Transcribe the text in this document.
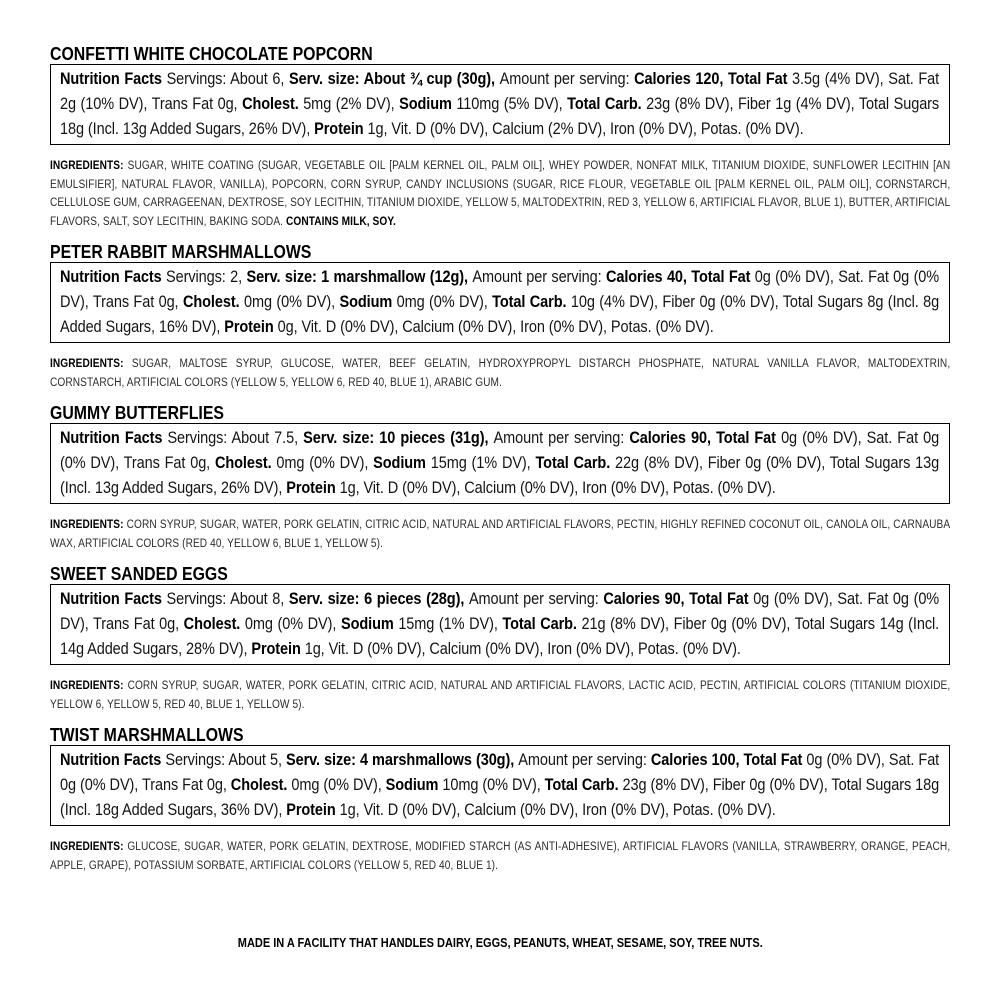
CONFETTI WHITE CHOCOLATE POPCORN

Nutrition Facts Servings: About 6, Serv. size: About ¾ cup (30g), Amount per serving: Calories 120, Total Fat 3.5g (4% DV), Sat. Fat 2g (10% DV), Trans Fat 0g, Cholest. 5mg (2% DV), Sodium 110mg (5% DV), Total Carb. 23g (8% DV), Fiber 1g (4% DV), Total Sugars 18g (Incl. 13g Added Sugars, 26% DV), Protein 1g, Vit. D (0% DV), Calcium (2% DV), Iron (0% DV), Potas. (0% DV).

INGREDIENTS: SUGAR, WHITE COATING (SUGAR, VEGETABLE OIL [PALM KERNEL OIL, PALM OIL], WHEY POWDER, NONFAT MILK, TITANIUM DIOXIDE, SUNFLOWER LECITHIN [AN EMULSIFIER], NATURAL FLAVOR, VANILLA), POPCORN, CORN SYRUP, CANDY INCLUSIONS (SUGAR, RICE FLOUR, VEGETABLE OIL [PALM KERNEL OIL, PALM OIL], CORNSTARCH, CELLULOSE GUM, CARRAGEENAN, DEXTROSE, SOY LECITHIN, TITANIUM DIOXIDE, YELLOW 5, MALTODEXTRIN, RED 3, YELLOW 6, ARTIFICIAL FLAVOR, BLUE 1), BUTTER, ARTIFICIAL FLAVORS, SALT, SOY LECITHIN, BAKING SODA. CONTAINS MILK, SOY.

PETER RABBIT MARSHMALLOWS

Nutrition Facts Servings: 2, Serv. size: 1 marshmallow (12g), Amount per serving: Calories 40, Total Fat 0g (0% DV), Sat. Fat 0g (0% DV), Trans Fat 0g, Cholest. 0mg (0% DV), Sodium 0mg (0% DV), Total Carb. 10g (4% DV), Fiber 0g (0% DV), Total Sugars 8g (Incl. 8g Added Sugars, 16% DV), Protein 0g, Vit. D (0% DV), Calcium (0% DV), Iron (0% DV), Potas. (0% DV).

INGREDIENTS: SUGAR, MALTOSE SYRUP, GLUCOSE, WATER, BEEF GELATIN, HYDROXYPROPYL DISTARCH PHOSPHATE, NATURAL VANILLA FLAVOR, MALTODEXTRIN, CORNSTARCH, ARTIFICIAL COLORS (YELLOW 5, YELLOW 6, RED 40, BLUE 1), ARABIC GUM.

GUMMY BUTTERFLIES

Nutrition Facts Servings: About 7.5, Serv. size: 10 pieces (31g), Amount per serving: Calories 90, Total Fat 0g (0% DV), Sat. Fat 0g (0% DV), Trans Fat 0g, Cholest. 0mg (0% DV), Sodium 15mg (1% DV), Total Carb. 22g (8% DV), Fiber 0g (0% DV), Total Sugars 13g (Incl. 13g Added Sugars, 26% DV), Protein 1g, Vit. D (0% DV), Calcium (0% DV), Iron (0% DV), Potas. (0% DV).

INGREDIENTS: CORN SYRUP, SUGAR, WATER, PORK GELATIN, CITRIC ACID, NATURAL AND ARTIFICIAL FLAVORS, PECTIN, HIGHLY REFINED COCONUT OIL, CANOLA OIL, CARNAUBA WAX, ARTIFICIAL COLORS (RED 40, YELLOW 6, BLUE 1, YELLOW 5).

SWEET SANDED EGGS

Nutrition Facts Servings: About 8, Serv. size: 6 pieces (28g), Amount per serving: Calories 90, Total Fat 0g (0% DV), Sat. Fat 0g (0% DV), Trans Fat 0g, Cholest. 0mg (0% DV), Sodium 15mg (1% DV), Total Carb. 21g (8% DV), Fiber 0g (0% DV), Total Sugars 14g (Incl. 14g Added Sugars, 28% DV), Protein 1g, Vit. D (0% DV), Calcium (0% DV), Iron (0% DV), Potas. (0% DV).

INGREDIENTS: CORN SYRUP, SUGAR, WATER, PORK GELATIN, CITRIC ACID, NATURAL AND ARTIFICIAL FLAVORS, LACTIC ACID, PECTIN, ARTIFICIAL COLORS (TITANIUM DIOXIDE, YELLOW 6, YELLOW 5, RED 40, BLUE 1, YELLOW 5).

TWIST MARSHMALLOWS

Nutrition Facts Servings: About 5, Serv. size: 4 marshmallows (30g), Amount per serving: Calories 100, Total Fat 0g (0% DV), Sat. Fat 0g (0% DV), Trans Fat 0g, Cholest. 0mg (0% DV), Sodium 10mg (0% DV), Total Carb. 23g (8% DV), Fiber 0g (0% DV), Total Sugars 18g (Incl. 18g Added Sugars, 36% DV), Protein 1g, Vit. D (0% DV), Calcium (0% DV), Iron (0% DV), Potas. (0% DV).

INGREDIENTS: GLUCOSE, SUGAR, WATER, PORK GELATIN, DEXTROSE, MODIFIED STARCH (AS ANTI-ADHESIVE), ARTIFICIAL FLAVORS (VANILLA, STRAWBERRY, ORANGE, PEACH, APPLE, GRAPE), POTASSIUM SORBATE, ARTIFICIAL COLORS (YELLOW 5, RED 40, BLUE 1).

MADE IN A FACILITY THAT HANDLES DAIRY, EGGS, PEANUTS, WHEAT, SESAME, SOY, TREE NUTS.
